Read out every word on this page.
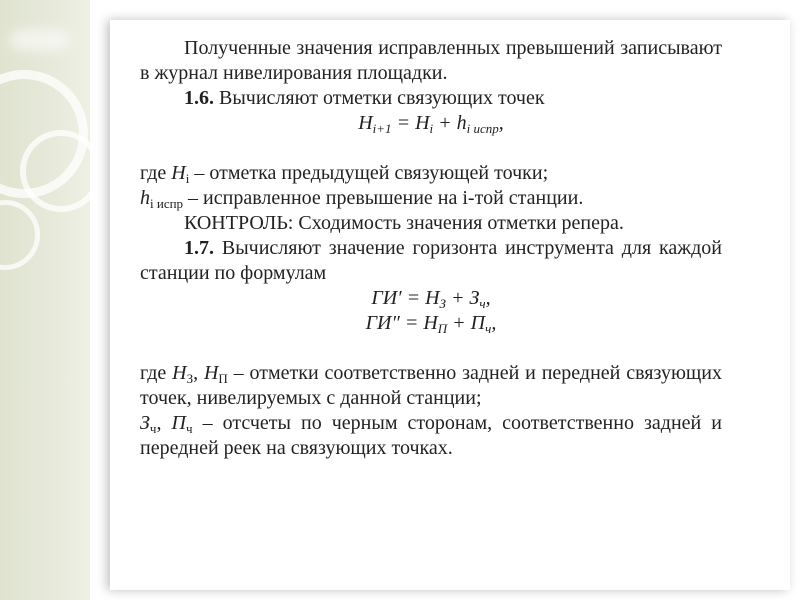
Полученные значения исправленных превышений записывают в журнал нивелирования площадки.

1.6. Вычисляют отметки связующих точек

$H_{i+1} = H_i + h_{i испр}$,

где $H_i$ – отметка предыдущей связующей точки;

$h_{i испр}$ – исправленное превышение на i-той станции.

КОНТРОЛЬ: Сходимость значения отметки репера.

1.7. Вычисляют значение горизонта инструмента для каждой станции по формулам

$ГИ' = H_З + З_ч$,

$ГИ'' = H_П + П_ч$,

где $H_З$, $H_П$ – отметки соответственно задней и передней связующих точек, нивелируемых с данной станции;

$З_ч$, $П_ч$ – отсчеты по черным сторонам, соответственно задней и передней реек на связующих точках.
